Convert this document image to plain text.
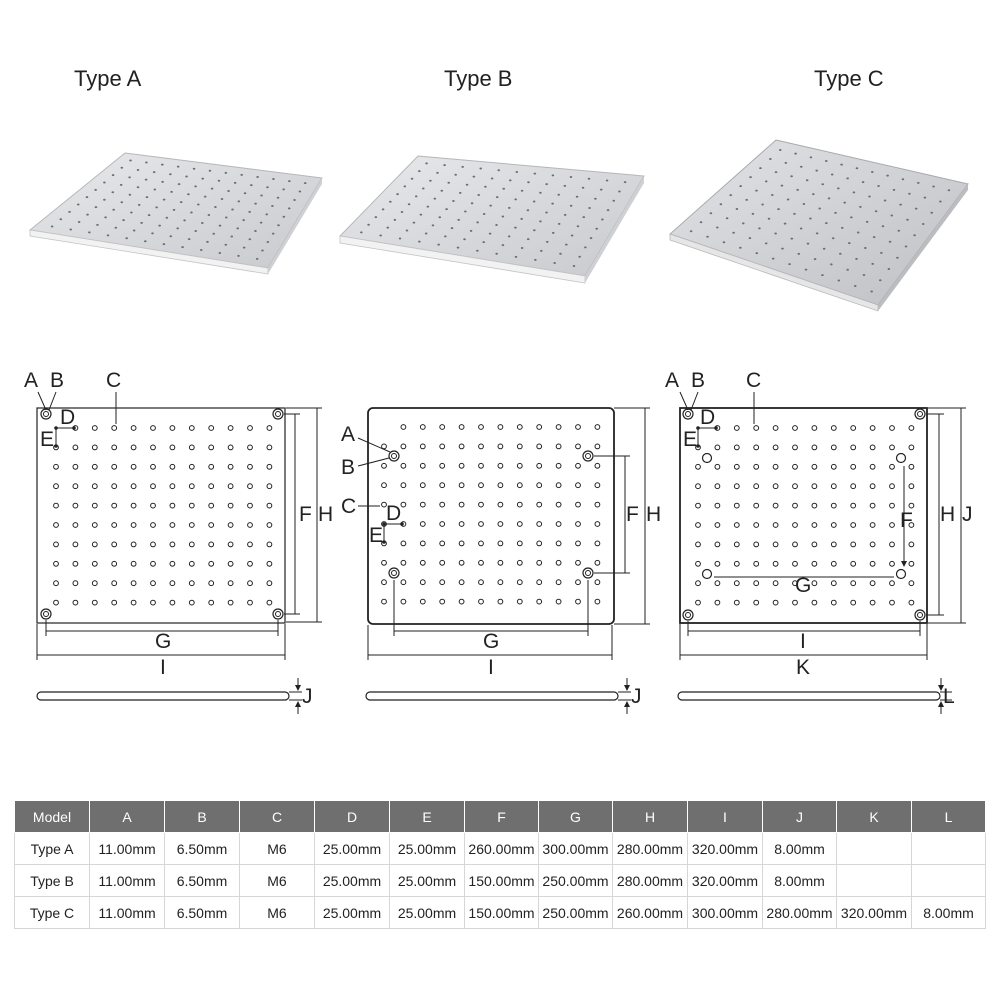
Type A	Type B	Type C
A B C
D
E
F H
G
I
J
A
B
C D
E
F H
G
I
J
A B C
D
E
F H J
G
I
K
L
Model	A	B	C	D	E	F	G	H	I	J	K	L
Type A	11.00mm	6.50mm	M6	25.00mm	25.00mm	260.00mm	300.00mm	280.00mm	320.00mm	8.00mm		
Type B	11.00mm	6.50mm	M6	25.00mm	25.00mm	150.00mm	250.00mm	280.00mm	320.00mm	8.00mm		
Type C	11.00mm	6.50mm	M6	25.00mm	25.00mm	150.00mm	250.00mm	260.00mm	300.00mm	280.00mm	320.00mm	8.00mm
